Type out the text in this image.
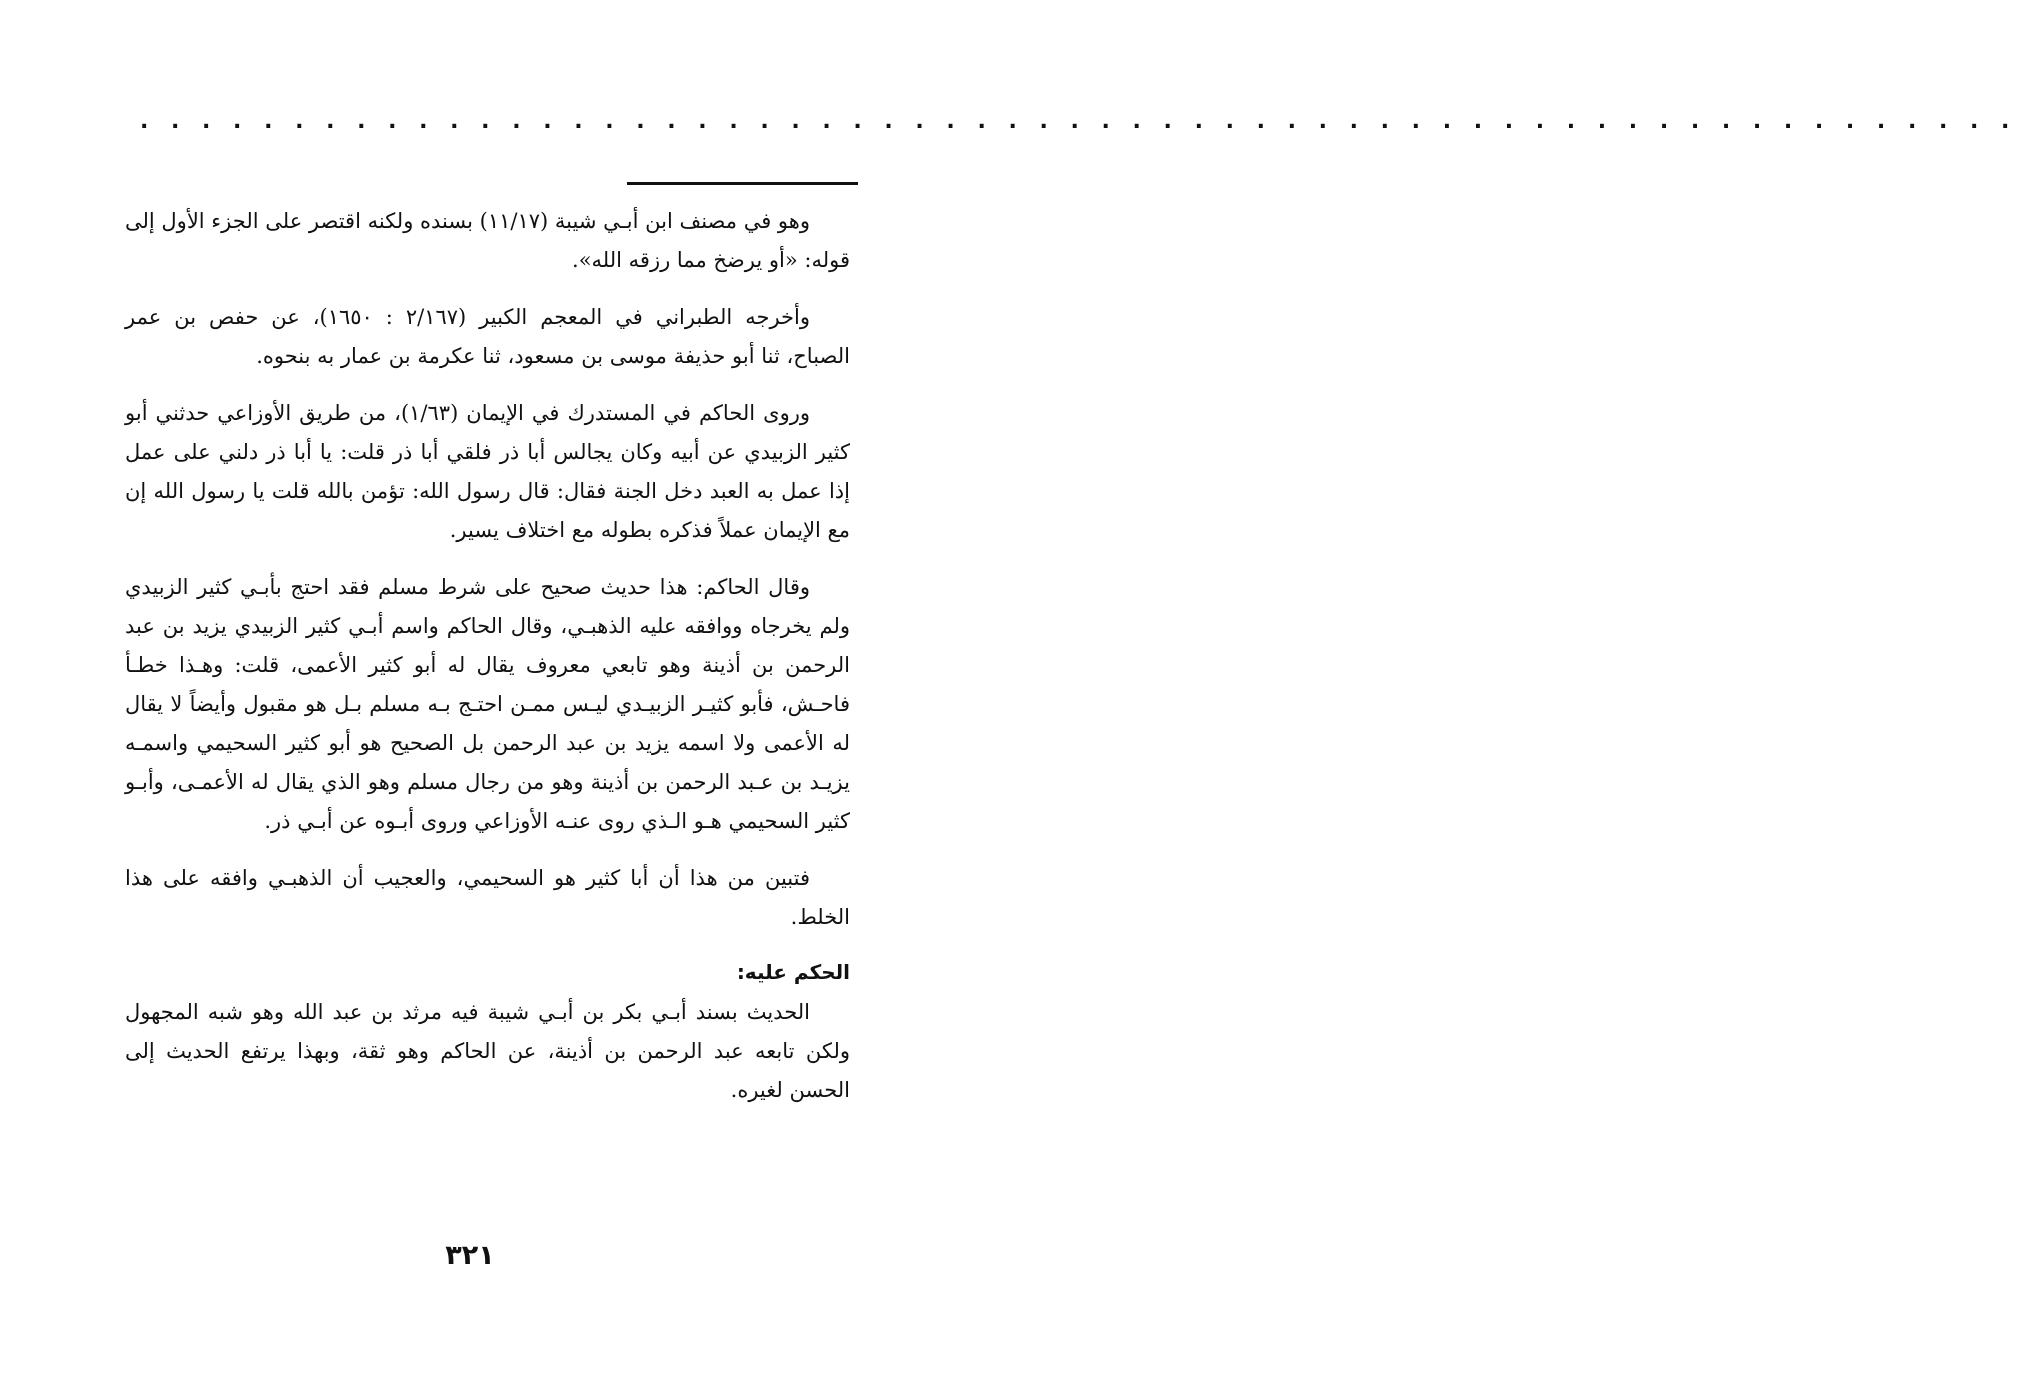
. . . . . . . . . . . . . . . . . . . . . . . . . . . . . . . . . . . . . . . . . . . . . . . . . . . . . . . . . . . . .

وهو في مصنف ابن أبـي شيبة (١١/١٧) بسنده ولكنه اقتصر على الجزء الأول إلى قوله: «أو يرضخ مما رزقه الله».

وأخرجه الطبراني في المعجم الكبير (٢/١٦٧ : ١٦٥٠)، عن حفص بن عمر الصباح، ثنا أبو حذيفة موسى بن مسعود، ثنا عكرمة بن عمار به بنحوه.

وروى الحاكم في المستدرك في الإيمان (١/٦٣)، من طريق الأوزاعي حدثني أبو كثير الزبيدي عن أبيه وكان يجالس أبا ذر فلقي أبا ذر قلت: يا أبا ذر دلني على عمل إذا عمل به العبد دخل الجنة فقال: قال رسول الله: تؤمن بالله قلت يا رسول الله إن مع الإيمان عملاً فذكره بطوله مع اختلاف يسير.

وقال الحاكم: هذا حديث صحيح على شرط مسلم فقد احتج بأبـي كثير الزبيدي ولم يخرجاه ووافقه عليه الذهبـي، وقال الحاكم واسم أبـي كثير الزبيدي يزيد بن عبد الرحمن بن أذينة وهو تابعي معروف يقال له أبو كثير الأعمى، قلت: وهـذا خطـأ فاحـش، فأبو كثيـر الزبيـدي ليـس ممـن احتـج بـه مسلم بـل هو مقبول وأيضاً لا يقال له الأعمى ولا اسمه يزيد بن عبد الرحمن بل الصحيح هو أبو كثير السحيمي واسمـه يزيـد بن عـبد الرحمن بن أذينة وهو من رجال مسلم وهو الذي يقال له الأعمـى، وأبـو كثير السحيمي هـو الـذي روى عنـه الأوزاعي وروى أبـوه عن أبـي ذر.

فتبين من هذا أن أبا كثير هو السحيمي، والعجيب أن الذهبـي وافقه على هذا الخلط.

الحكم عليه:

الحديث بسند أبـي بكر بن أبـي شيبة فيه مرثد بن عبد الله وهو شبه المجهول ولكن تابعه عبد الرحمن بن أذينة، عن الحاكم وهو ثقة، وبهذا يرتفع الحديث إلى الحسن لغيره.

٣٢١
